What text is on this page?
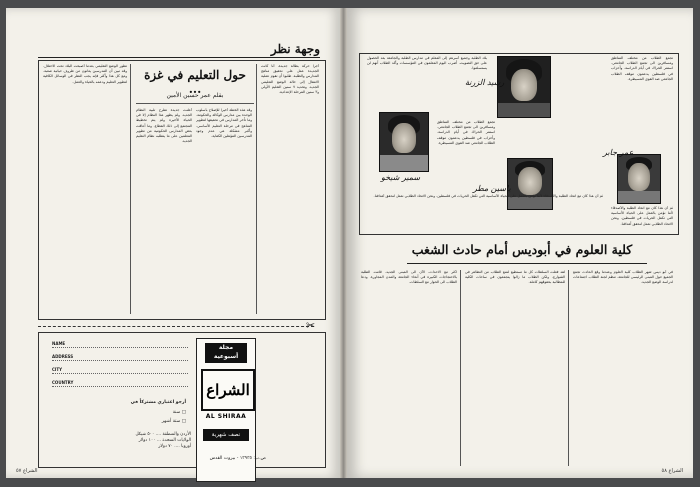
وجهة نظر
أجرا حركة بطالة جديدة، أنا كانت الجديدة عمل على تحقيق مناهج المدارس والطلبة. طلبوا أن تقوم عملية الانتقال إلى حالة الوضع التعليمي الجديد. وتحديد ٧ سنين التعليم الأولي و٣ سنين المرحلة الإعدادية.
حول التعليم في غزة ...
بقلم عمر حسين الأمين
وقد هذه الخطة أخيرا للإصلاح بأسلوب الوحدة بين مدارس الوكالة والحكومة. وما تأخر المدارس في تحقيقها لتطوير المناهج في مرحلة التعليم الأساسي. وأكبر مشكلة هي عدم وجود المدرسين المؤهلين الكفاية.
أعلنت جديدة تطرح تلبية النظام الجديد. ولم يظهر هذا النظام إلا في الحياة الأخيرة ولم يتم تخطيط المجتمع إلى ذلك القطاع. وما أعاقت بعض المدارس الحكومية من تطوير المعلمين على ما يتطلبه نظام التعليم الجديد.
تطور الوضع التعليمي بعدما أصبحت البلاد تحت الاحتلال. وقد تبين أن المدرسين يعانون من ظروف حياتية صعبة. ومع كل هذا وأكثر فإنه يجب النظر في الوسائل الكافية لتطوير التعليم ودعمه بالحياة والعمل.
✂
NAME
ADDRESS
CITY
COUNTRY
أرجو اعتباري مشتركاً في
□ سنة
□ ستة أشهر
الأردن والمنطقة .... ٥٠٠ شيكل
الولايات المتحدة ... ١٠٠ دولار
أوروبا .... ٧٠ دولار
مجلة
أسبوعية
الشراع
AL SHIRAA
نصف شهرية
ص.ب: ١٣٩٣٥ - بيروت القدس
الشراع ٥٧
تجمع الطلاب من مختلف المناطق ومسافرين الى تجمع الطلاب الجامعي. استمر الحراك في أيام الدراسة. وأحزاب في فلسطين يدعمون موقف الطلاب الجامعي ضد القوى المسيطرة.
عمر جابر
ثم أن هذا كان مع اتحاد الطلبة والأصدقاء لأننا نؤمن بالعمل على الحياة الأساسية التي تكفل الحريات في فلسطين. ونحن الاتحاد الطلابي نعمل لنحقق أهدافنا.
رشيد الزرنة
سمير شيخو
ياسين مطر
بلاد الطلبة وجميع أسرهم إلى المعلم في مدارس الطلبة والجامعة بعد الحصول على حق التصويت. أضرب اليوم المعلمون في المؤسسات وأكد الطلاب أنهم لن يستسلموا.
تجمع الطلاب من مختلف المناطق ومسافرين الى تجمع الطلاب الجامعي. استمر الحراك في أيام الدراسة. وأحزاب في فلسطين يدعمون موقف الطلاب الجامعي ضد القوى المسيطرة.
ثم أن هذا كان مع اتحاد الطلبة والأصدقاء لأننا نؤمن بالعمل على الحياة الأساسية التي تكفل الحريات في فلسطين. ونحن الاتحاد الطلابي نعمل لنحقق أهدافنا.
كلية العلوم في أبوديس أمام حادث الشغب
في أبو ديس شهر الطلاب كلية العلوم وعندما وقع الحادث تجمع الجميع حول المبنى الرئيسي للجامعة. تنظم لجنة الطلاب اجتماعات لدراسة الوضع الجديد.
لقد فعلت السلطات كل ما تستطيع لمنع الطلاب من التظاهر في الشوارع. ولكن الطلاب ما زالوا يتجمعون في ساحات الكلية للمطالبة بحقوقهم كاملة.
اكثر مع الاحداث، الآن الى المبنى الجديد. قامت الطلبة بالاحتجاجات الكبيرة في أنحاء الجامعة والمدن المجاورة. ودعا الطلاب الى الحوار مع السلطات.
الشراع ٥٨
